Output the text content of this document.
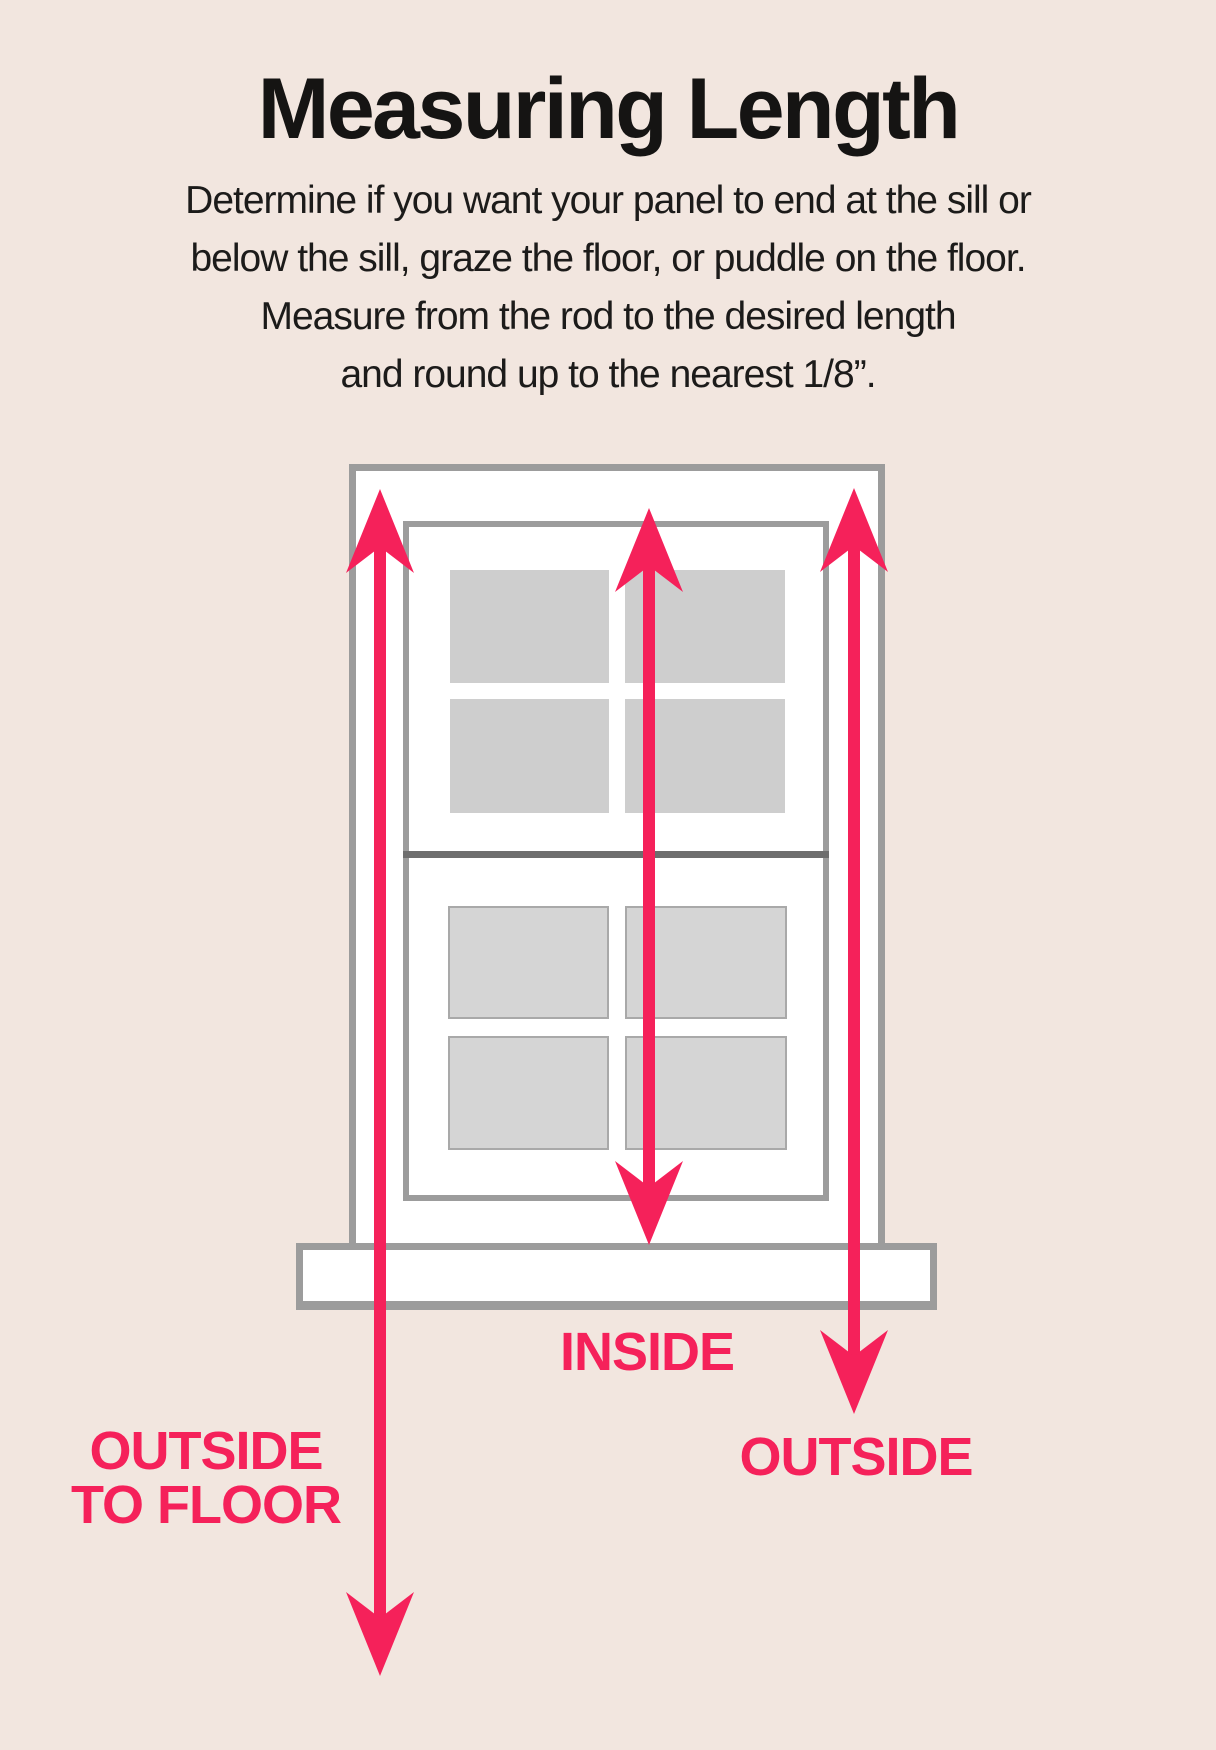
Measuring Length
Determine if you want your panel to end at the sill or
below the sill, graze the floor, or puddle on the floor.
Measure from the rod to the desired length
and round up to the nearest 1/8”.
INSIDE
OUTSIDE
OUTSIDE
TO FLOOR
